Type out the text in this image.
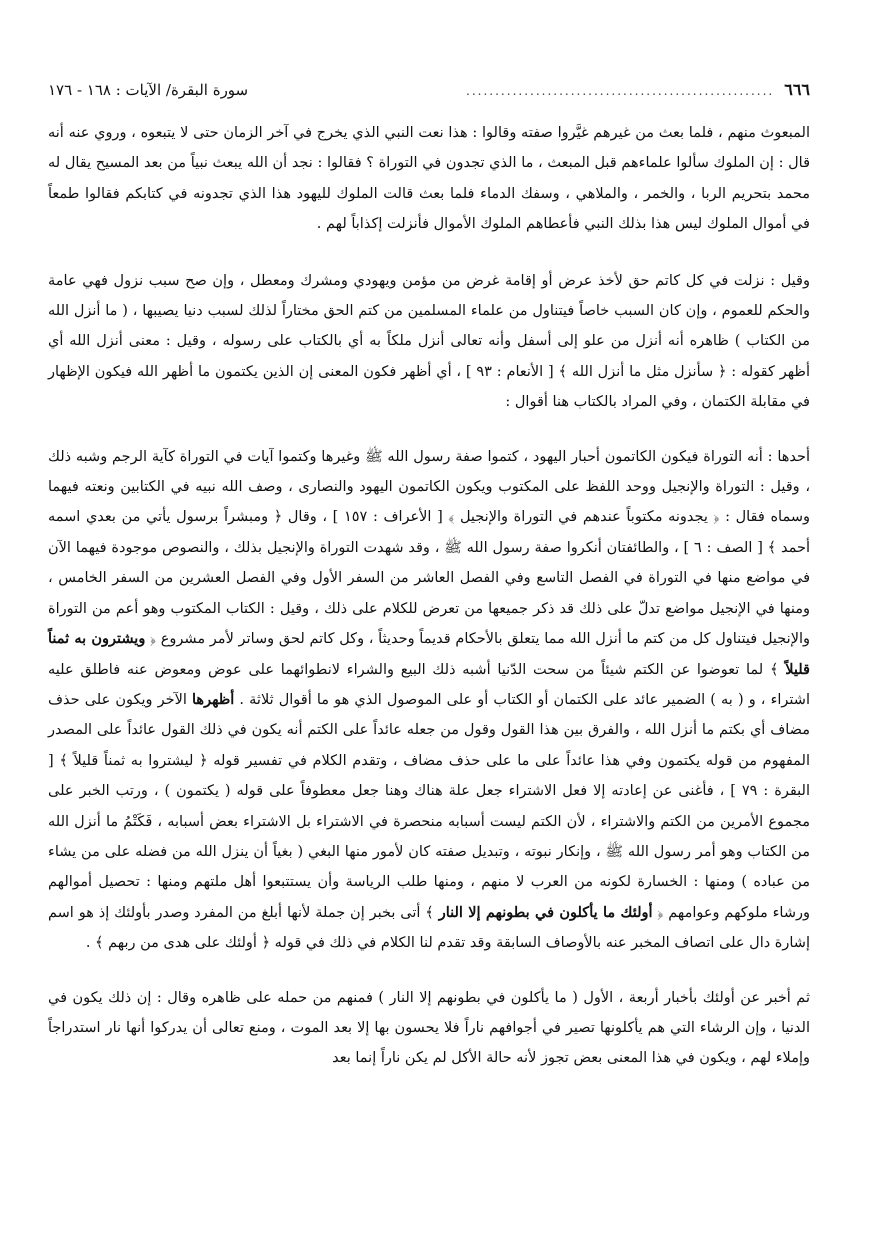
٦٦٦
.....................................................
سورة البقرة/ الآيات : ١٦٨ - ١٧٦

المبعوث منهم ، فلما بعث من غيرهم غيَّروا صفته وقالوا : هذا نعت النبي الذي يخرج في آخر الزمان حتى لا يتبعوه ، وروي عنه أنه قال : إن الملوك سألوا علماءهم قبل المبعث ، ما الذي تجدون في التوراة ؟ فقالوا : نجد أن الله يبعث نبياً من بعد المسيح يقال له محمد بتحريم الربا ، والخمر ، والملاهي ، وسفك الدماء فلما بعث قالت الملوك لليهود هذا الذي تجدونه في كتابكم فقالوا طمعاً في أموال الملوك ليس هذا بذلك النبي فأعطاهم الملوك الأموال فأنزلت إكذاباً لهم .

وقيل : نزلت في كل كاتم حق لأخذ عرض أو إقامة غرض من مؤمن ويهودي ومشرك ومعطل ، وإن صح سبب نزول فهي عامة والحكم للعموم ، وإن كان السبب خاصاً فيتناول من علماء المسلمين من كتم الحق مختاراً لذلك لسبب دنيا يصيبها ، ( ما أنزل الله من الكتاب ) ظاهره أنه أنزل من علو إلى أسفل وأنه تعالى أنزل ملكاً به أي بالكتاب على رسوله ، وقيل : معنى أنزل الله أي أظهر كقوله : ﴿ سأنزل مثل ما أنزل الله ﴾ [ الأنعام : ٩٣ ] ، أي أظهر فكون المعنى إن الذين يكتمون ما أظهر الله فيكون الإظهار في مقابلة الكتمان ، وفي المراد بالكتاب هنا أقوال :

أحدها : أنه التوراة فيكون الكاتمون أحبار اليهود ، كتموا صفة رسول الله ﷺ وغيرها وكتموا آيات في التوراة كآية الرجم وشبه ذلك ، وقيل : التوراة والإنجيل ووحد اللفظ على المكتوب ويكون الكاتمون اليهود والنصارى ، وصف الله نبيه في الكتابين ونعته فيهما وسماه فقال : ﴿ يجدونه مكتوباً عندهم في التوراة والإنجيل ﴾ [ الأعراف : ١٥٧ ] ، وقال ﴿ ومبشراً برسول يأتي من بعدي اسمه أحمد ﴾ [ الصف : ٦ ] ، والطائفتان أنكروا صفة رسول الله ﷺ ، وقد شهدت التوراة والإنجيل بذلك ، والنصوص موجودة فيهما الآن في مواضع منها في التوراة في الفصل التاسع وفي الفصل العاشر من السفر الأول وفي الفصل العشرين من السفر الخامس ، ومنها في الإنجيل مواضع تدلّ على ذلك قد ذكر جميعها من تعرض للكلام على ذلك ، وقيل : الكتاب المكتوب وهو أعم من التوراة والإنجيل فيتناول كل من كتم ما أنزل الله مما يتعلق بالأحكام قديماً وحديثاً ، وكل كاتم لحق وساتر لأمر مشروع ﴿ ويشترون به ثمناً قليلاً ﴾ لما تعوضوا عن الكتم شيئاً من سحت الدّنيا أشبه ذلك البيع والشراء لانطوائهما على عوض ومعوض عنه فاطلق عليه اشتراء ، و ( به ) الضمير عائد على الكتمان أو الكتاب أو على الموصول الذي هو ما أقوال ثلاثة . أظهرها الآخر ويكون على حذف مضاف أي بكتم ما أنزل الله ، والفرق بين هذا القول وقول من جعله عائداً على الكتم أنه يكون في ذلك القول عائداً على المصدر المفهوم من قوله يكتمون وفي هذا عائداً على ما على حذف مضاف ، وتقدم الكلام في تفسير قوله ﴿ ليشتروا به ثمناً قليلاً ﴾ [ البقرة : ٧٩ ] ، فأغنى عن إعادته إلا فعل الاشتراء جعل علة هناك وهنا جعل معطوفاً على قوله ( يكتمون ) ، ورتب الخبر على مجموع الأمرين من الكتم والاشتراء ، لأن الكتم ليست أسبابه منحصرة في الاشتراء بل الاشتراء بعض أسبابه ، فَكَتْمُ ما أنزل الله من الكتاب وهو أمر رسول الله ﷺ ، وإنكار نبوته ، وتبديل صفته كان لأمور منها البغي ( بغياً أن ينزل الله من فضله على من يشاء من عباده ) ومنها : الخسارة لكونه من العرب لا منهم ، ومنها طلب الرياسة وأن يستتبعوا أهل ملتهم ومنها : تحصيل أموالهم ورشاء ملوكهم وعوامهم ﴿ أولئك ما يأكلون في بطونهم إلا النار ﴾ أتى بخبر إن جملة لأنها أبلغ من المفرد وصدر بأولئك إذ هو اسم إشارة دال على اتصاف المخبر عنه بالأوصاف السابقة وقد تقدم لنا الكلام في ذلك في قوله ﴿ أولئك على هدى من ربهم ﴾ .

ثم أخبر عن أولئك بأخبار أربعة ، الأول ( ما يأكلون في بطونهم إلا النار ) فمنهم من حمله على ظاهره وقال : إن ذلك يكون في الدنيا ، وإن الرشاء التي هم يأكلونها تصير في أجوافهم ناراً فلا يحسون بها إلا بعد الموت ، ومنع تعالى أن يدركوا أنها نار استدراجاً وإملاء لهم ، ويكون في هذا المعنى بعض تجوز لأنه حالة الأكل لم يكن ناراً إنما بعد
